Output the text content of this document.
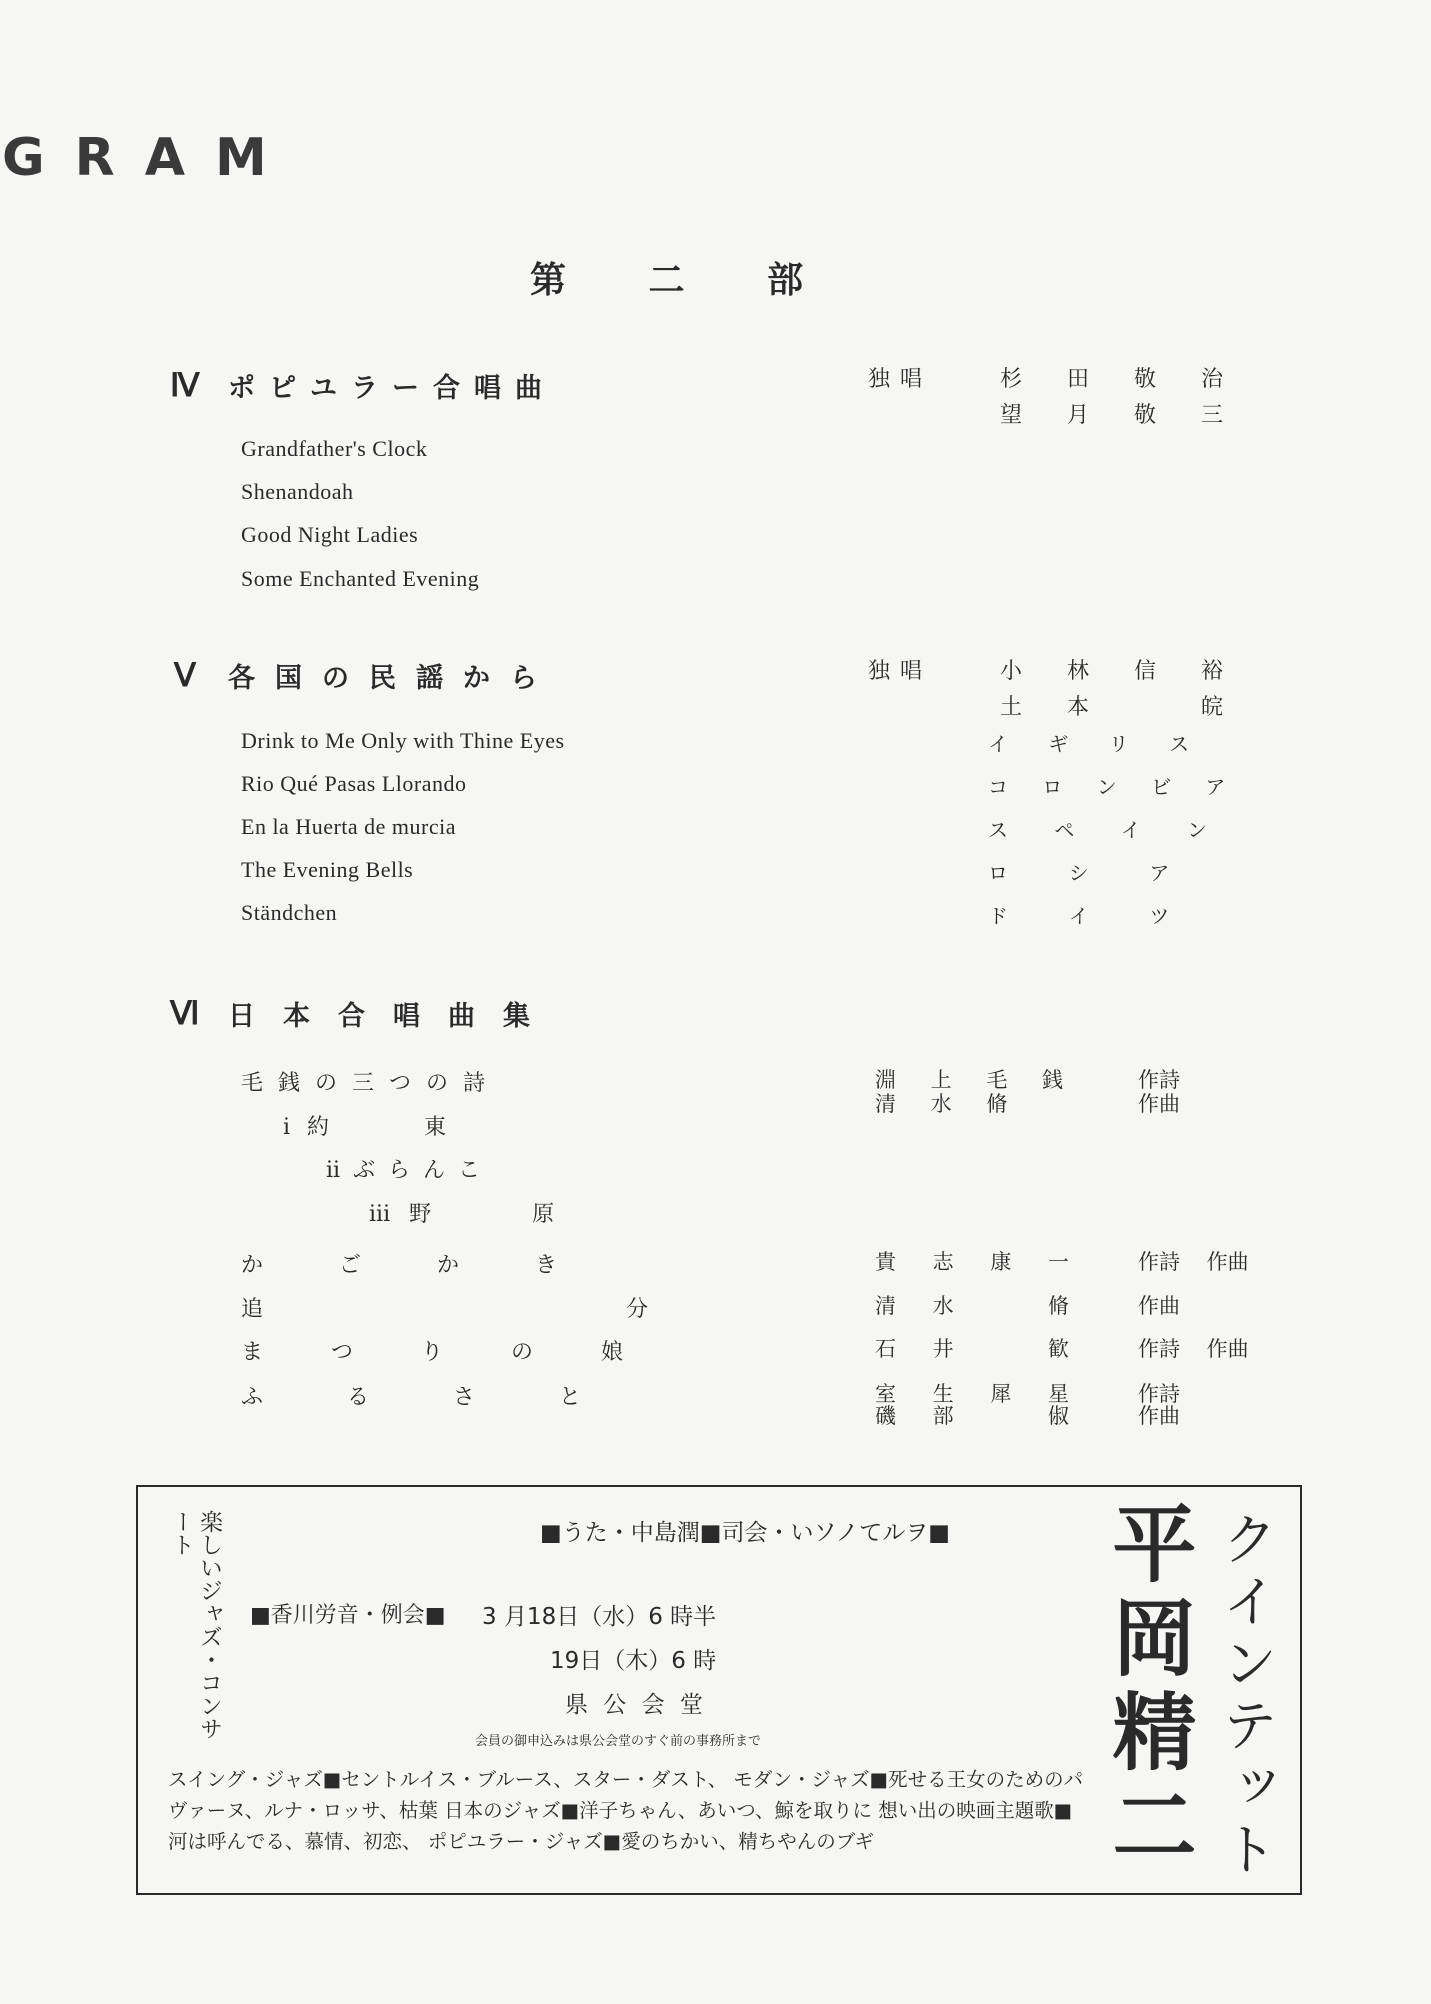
GRAM
第 二 部
Ⅳ ポピユラー合唱曲	独唱	杉 田 敬 治
望 月 敬 三
Grandfather's Clock
Shenandoah
Good Night Ladies
Some Enchanted Evening
Ⅴ 各国の民謡から	独唱	小 林 信 裕
土 本 　 皖
Drink to Me Only with Thine Eyes	イ ギ リ ス
Rio Qué Pasas Llorando	コ ロ ン ビ ア
En la Huerta de murcia	ス ペ イ ン
The Evening Bells	ロ 　 シ 　 ア
Ständchen	ド 　 イ 　 ツ
Ⅵ 日本合唱曲集
毛 銭 の 三 つ の 詩
i 約 　 　 東
ii ぶ ら ん こ
iii 野 　 　 原
淵 上 毛 銭	作詩
清 水 脩	作曲
か 　 ご 　 か 　 き	貴 志 康 一	作詩 作曲
追 　 　 　 　 分	清 水 　 脩	作曲
ま 　 つ 　 り 　 の 　 娘	石 井 　 歓	作詩 作曲
ふ 　 る 　 さ 　 と	室 生 犀 星	作詩
磯 部 　 俶	作曲
楽しいジャズ・コンサート	■うた・中島潤■司会・いソノてルヲ■
■香川労音・例会■ 3 月18日（水）6 時半
19日（木）6 時
県 公 会 堂
会員の御申込みは県公会堂のすぐ前の事務所まで
スイング・ジャズ■セントルイス・ブルース、スター・ダスト、 モダン・ジャズ■死せる王女のためのパヴァーヌ、ルナ・ロッサ、枯葉 日本のジャズ■洋子ちゃん、あいつ、鯨を取りに 想い出の映画主題歌■河は呼んでる、慕情、初恋、 ポピユラー・ジャズ■愛のちかい、精ちやんのブギ	平岡精二 クインテット
